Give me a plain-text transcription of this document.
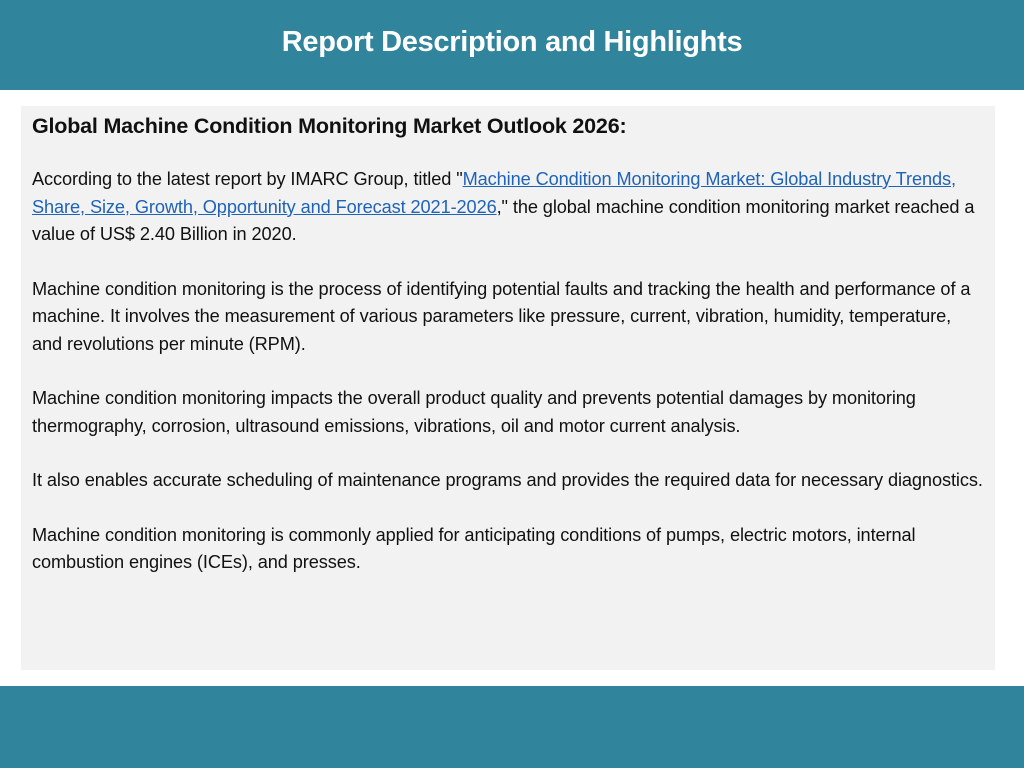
Report Description and Highlights
Global Machine Condition Monitoring Market Outlook 2026:

According to the latest report by IMARC Group, titled "Machine Condition Monitoring Market: Global Industry Trends, Share, Size, Growth, Opportunity and Forecast 2021-2026," the global machine condition monitoring market reached a value of US$ 2.40 Billion in 2020.

Machine condition monitoring is the process of identifying potential faults and tracking the health and performance of a machine. It involves the measurement of various parameters like pressure, current, vibration, humidity, temperature, and revolutions per minute (RPM).

Machine condition monitoring impacts the overall product quality and prevents potential damages by monitoring thermography, corrosion, ultrasound emissions, vibrations, oil and motor current analysis.

It also enables accurate scheduling of maintenance programs and provides the required data for necessary diagnostics.

Machine condition monitoring is commonly applied for anticipating conditions of pumps, electric motors, internal combustion engines (ICEs), and presses.
